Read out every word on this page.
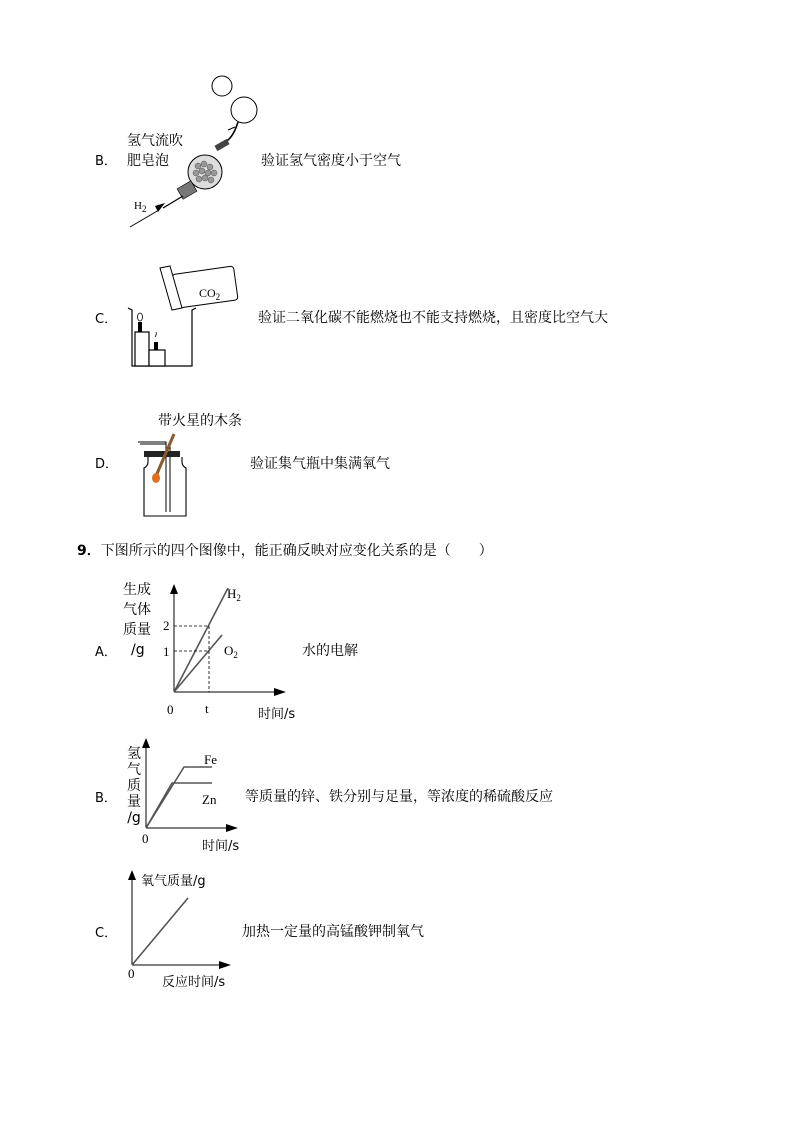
B．
氢气流吹
肥皂泡
$H_2$
验证氢气密度小于空气
C．
$CO_2$
验证二氧化碳不能燃烧也不能支持燃烧，且密度比空气大
带火星的木条
D．	验证集气瓶中集满氧气
9．下图所示的四个图像中，能正确反映对应变化关系的是（　　）
A．
生成
气体
质量
/g
2
1
$H_2$
$O_2$
0 t	时间/s
水的电解
B．
氢
气
质
量
/g
Fe
Zn
0
时间/s
等质量的锌、铁分别与足量，等浓度的稀硫酸反应
C．
氧气质量/g
0
反应时间/s
加热一定量的高锰酸钾制氧气
